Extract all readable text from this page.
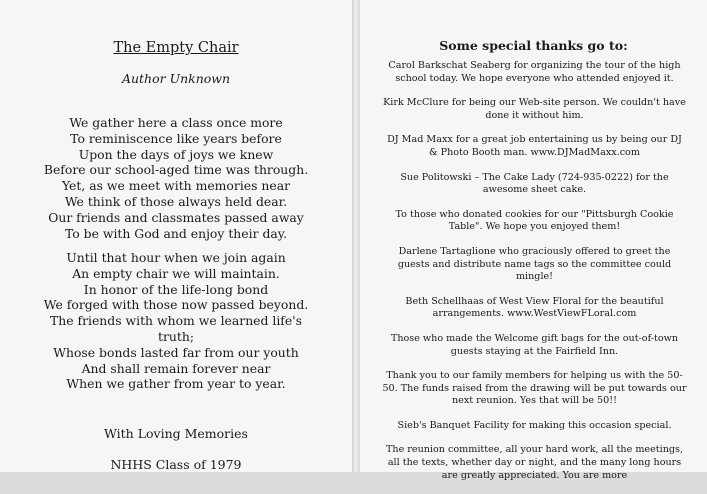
The Empty Chair
Author Unknown
We gather here a class once more
To reminiscence like years before
Upon the days of joys we knew
Before our school-aged time was through.
Yet, as we meet with memories near
We think of those always held dear.
Our friends and classmates passed away
To be with God and enjoy their day.
Until that hour when we join again
An empty chair we will maintain.
In honor of the life-long bond
We forged with those now passed beyond.
The friends with whom we learned life's
truth;
Whose bonds lasted far from our youth
And shall remain forever near
When we gather from year to year.
With Loving Memories
NHHS Class of 1979
Some special thanks go to:
Carol Barkschat Seaberg for organizing the tour of the high school today. We hope everyone who attended enjoyed it.
Kirk McClure for being our Web-site person. We couldn't have done it without him.
DJ Mad Maxx for a great job entertaining us by being our DJ & Photo Booth man. www.DJMadMaxx.com
Sue Politowski – The Cake Lady (724-935-0222) for the awesome sheet cake.
To those who donated cookies for our "Pittsburgh Cookie Table". We hope you enjoyed them!
Darlene Tartaglione who graciously offered to greet the guests and distribute name tags so the committee could mingle!
Beth Schellhaas of West View Floral for the beautiful arrangements. www.WestViewFLoral.com
Those who made the Welcome gift bags for the out-of-town guests staying at the Fairfield Inn.
Thank you to our family members for helping us with the 50-50. The funds raised from the drawing will be put towards our next reunion. Yes that will be 50!!
Sieb's Banquet Facility for making this occasion special.
The reunion committee, all your hard work, all the meetings, all the texts, whether day or night, and the many long hours are greatly appreciated. You are more
